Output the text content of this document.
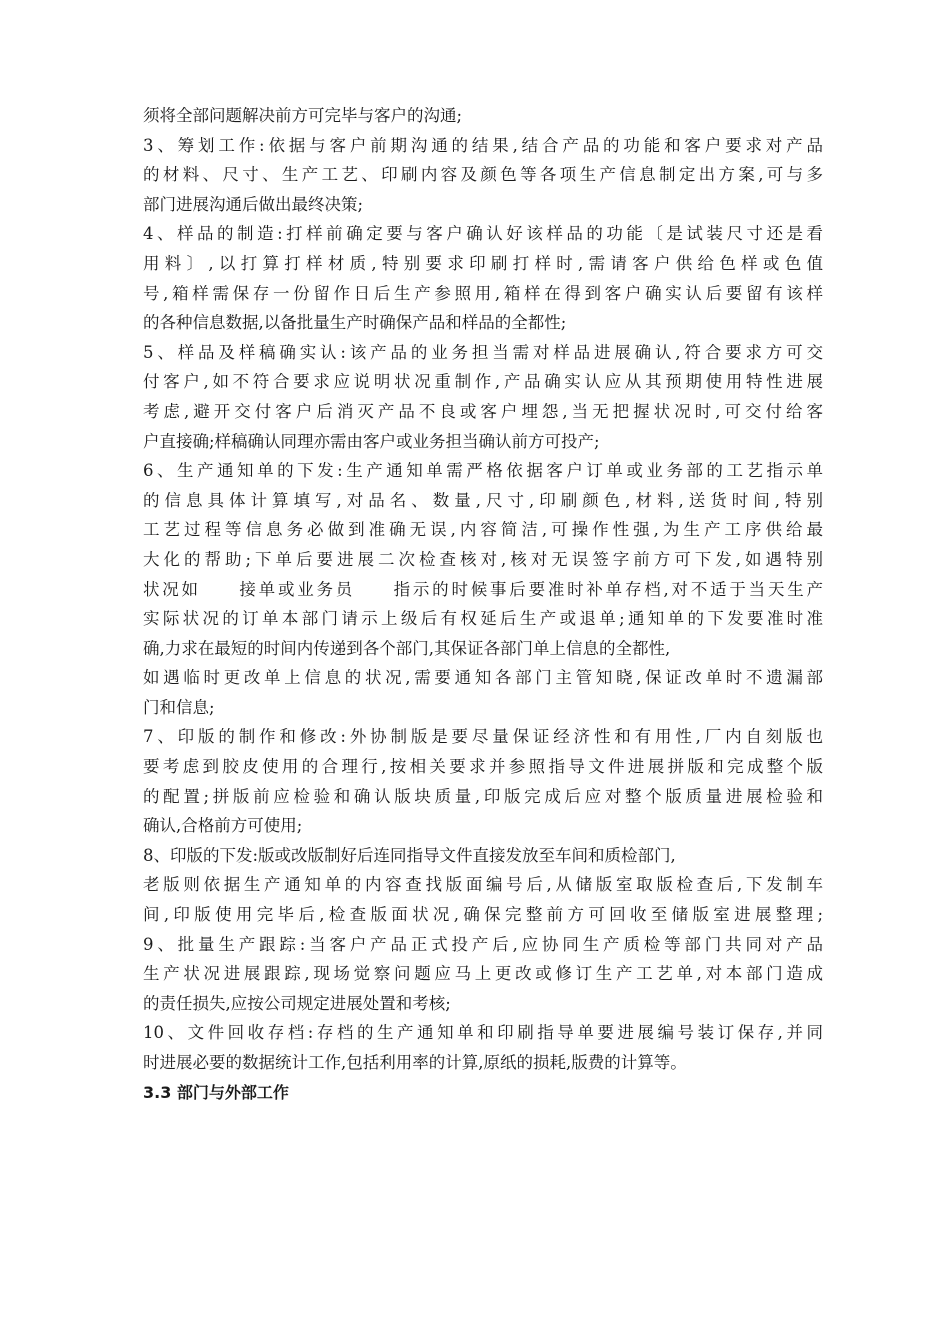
须将全部问题解决前方可完毕与客户的沟通;
3、筹划工作:依据与客户前期沟通的结果,结合产品的功能和客户要求对产品
的材料、尺寸、生产工艺、印刷内容及颜色等各项生产信息制定出方案,可与多
部门进展沟通后做出最终决策;
4、样品的制造:打样前确定要与客户确认好该样品的功能〔是试装尺寸还是看
用料〕,以打算打样材质,特别要求印刷打样时,需请客户供给色样或色值
号,箱样需保存一份留作日后生产参照用,箱样在得到客户确实认后要留有该样
的各种信息数据,以备批量生产时确保产品和样品的全都性;
5、样品及样稿确实认:该产品的业务担当需对样品进展确认,符合要求方可交
付客户,如不符合要求应说明状况重制作,产品确实认应从其预期使用特性进展
考虑,避开交付客户后消灭产品不良或客户埋怨,当无把握状况时,可交付给客
户直接确;样稿确认同理亦需由客户或业务担当确认前方可投产;
6、生产通知单的下发:生产通知单需严格依据客户订单或业务部的工艺指示单
的信息具体计算填写,对品名、数量,尺寸,印刷颜色,材料,送货时间,特别
工艺过程等信息务必做到准确无误,内容简洁,可操作性强,为生产工序供给最
大化的帮助;下单后要进展二次检查核对,核对无误签字前方可下发,如遇特别
状况如　　接单或业务员　　指示的时候事后要准时补单存档,对不适于当天生产
实际状况的订单本部门请示上级后有权延后生产或退单;通知单的下发要准时准
确,力求在最短的时间内传递到各个部门,其保证各部门单上信息的全都性,
如遇临时更改单上信息的状况,需要通知各部门主管知晓,保证改单时不遗漏部
门和信息;
7、印版的制作和修改:外协制版是要尽量保证经济性和有用性,厂内自刻版也
要考虑到胶皮使用的合理行,按相关要求并参照指导文件进展拼版和完成整个版
的配置;拼版前应检验和确认版块质量,印版完成后应对整个版质量进展检验和
确认,合格前方可使用;
8、印版的下发:版或改版制好后连同指导文件直接发放至车间和质检部门,
老版则依据生产通知单的内容查找版面编号后,从储版室取版检查后,下发制车
间,印版使用完毕后,检查版面状况,确保完整前方可回收至储版室进展整理;
9、批量生产跟踪:当客户产品正式投产后,应协同生产质检等部门共同对产品
生产状况进展跟踪,现场觉察问题应马上更改或修订生产工艺单,对本部门造成
的责任损失,应按公司规定进展处置和考核;
10、文件回收存档:存档的生产通知单和印刷指导单要进展编号装订保存,并同
时进展必要的数据统计工作,包括利用率的计算,原纸的损耗,版费的计算等。
3.3 部门与外部工作
